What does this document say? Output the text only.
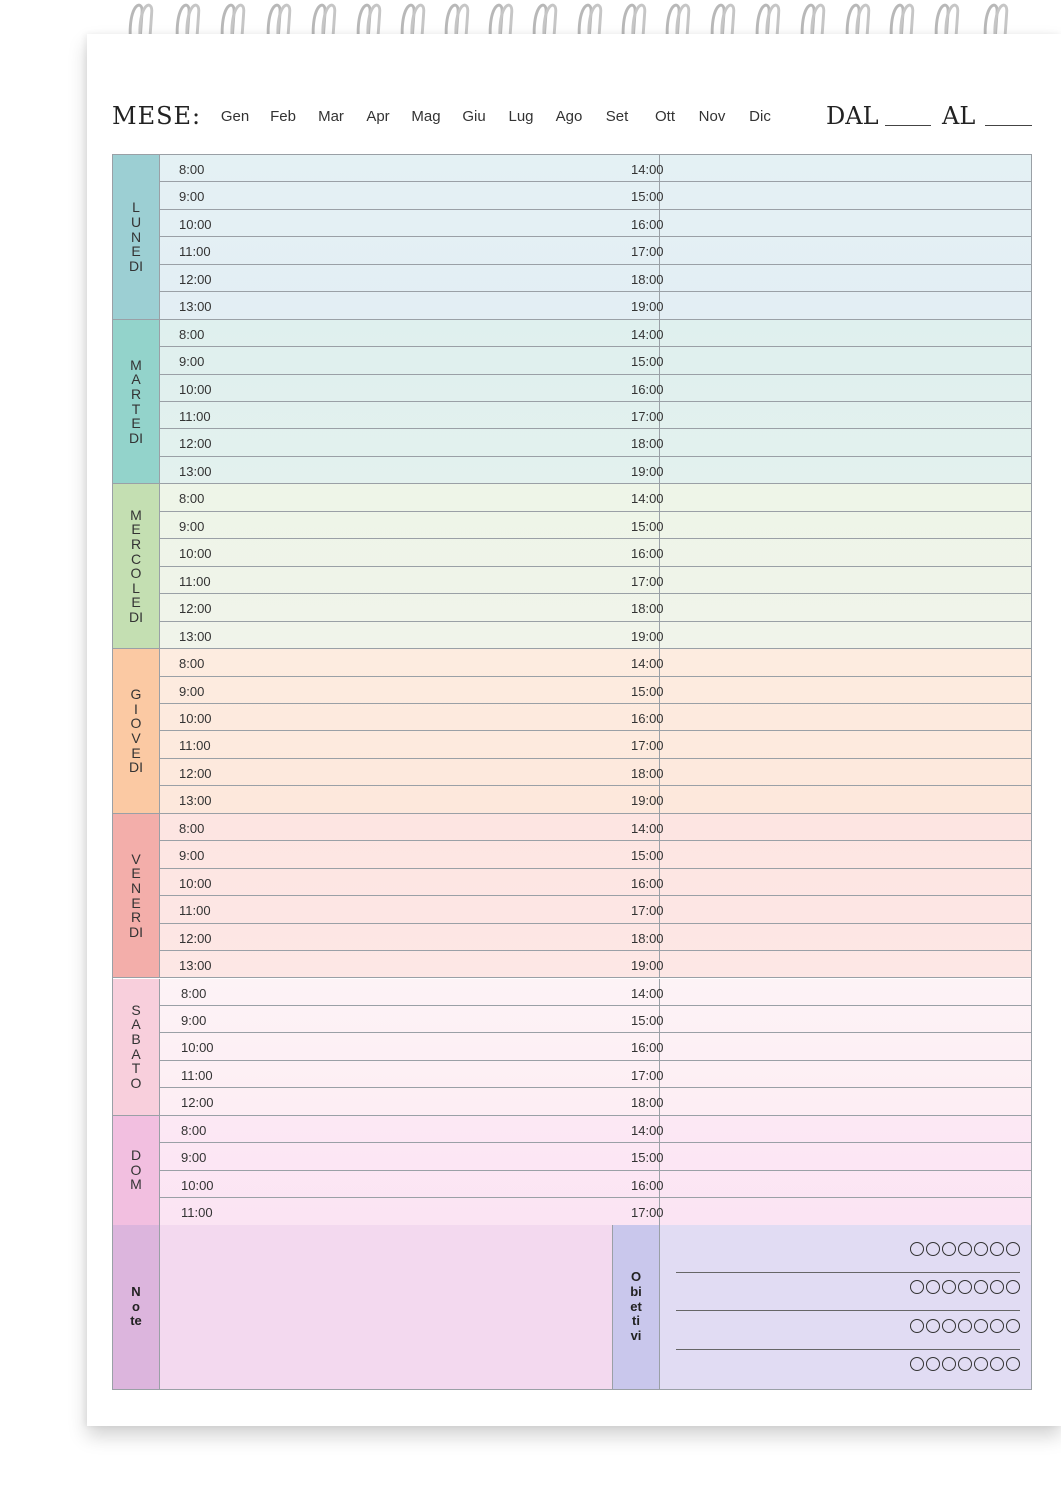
MESE: Gen Feb Mar Apr Mag Giu Lug Ago Set Ott Nov Dic DAL	AL
LUNEDI
8:00	14:00
9:00	15:00
10:00	16:00
11:00	17:00
12:00	18:00
13:00	19:00
MARTEDI
8:00	14:00
9:00	15:00
10:00	16:00
11:00	17:00
12:00	18:00
13:00	19:00
MERCOLEDI
8:00	14:00
9:00	15:00
10:00	16:00
11:00	17:00
12:00	18:00
13:00	19:00
GIOVEDI
8:00	14:00
9:00	15:00
10:00	16:00
11:00	17:00
12:00	18:00
13:00	19:00
VENERDI
8:00	14:00
9:00	15:00
10:00	16:00
11:00	17:00
12:00	18:00
13:00	19:00
SABATO
8:00	14:00
9:00	15:00
10:00	16:00
11:00	17:00
12:00	18:00
DOM
8:00	14:00
9:00	15:00
10:00	16:00
11:00	17:00
Note
Obiettivi
